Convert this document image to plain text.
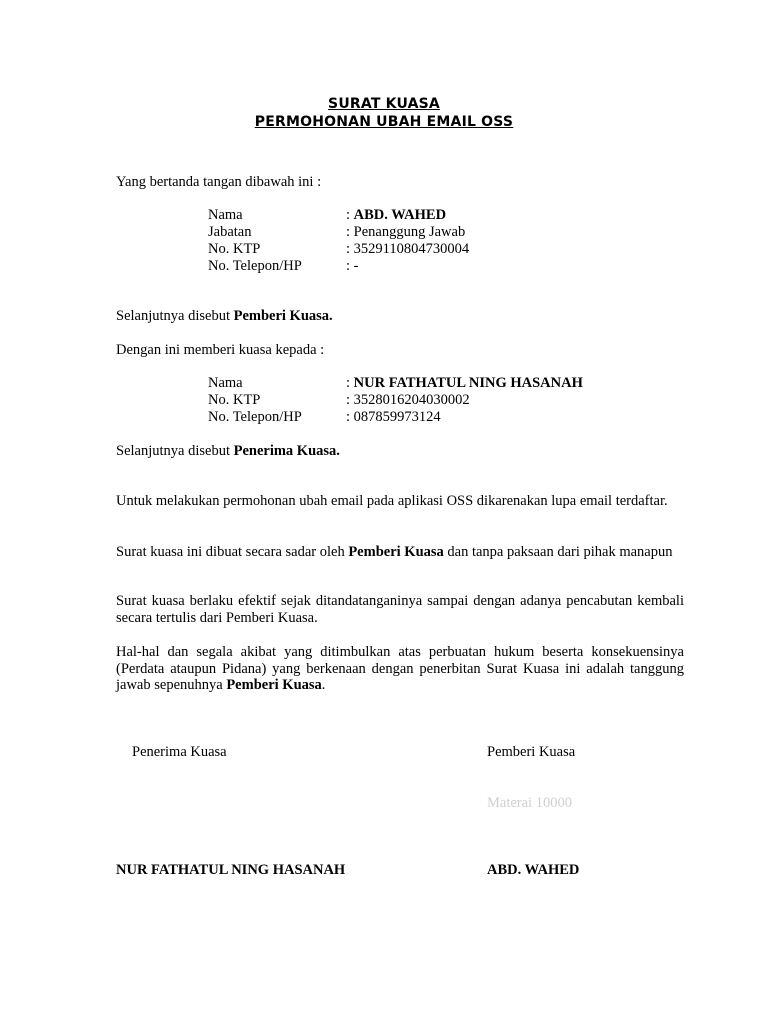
SURAT KUASA
PERMOHONAN UBAH EMAIL OSS
Yang bertanda tangan dibawah ini :
Nama	: ABD. WAHED
Jabatan	: Penanggung Jawab
No. KTP	: 3529110804730004
No. Telepon/HP	: -
Selanjutnya disebut Pemberi Kuasa.
Dengan ini memberi kuasa kepada :
Nama	: NUR FATHATUL NING HASANAH
No. KTP	: 3528016204030002
No. Telepon/HP	: 087859973124
Selanjutnya disebut Penerima Kuasa.
Untuk melakukan permohonan ubah email pada aplikasi OSS dikarenakan lupa email terdaftar.
Surat kuasa ini dibuat secara sadar oleh Pemberi Kuasa dan tanpa paksaan dari pihak manapun
Surat kuasa berlaku efektif sejak ditandatanganinya sampai dengan adanya pencabutan kembali secara tertulis dari Pemberi Kuasa.
Hal-hal dan segala akibat yang ditimbulkan atas perbuatan hukum beserta konsekuensinya (Perdata ataupun Pidana) yang berkenaan dengan penerbitan Surat Kuasa ini adalah tanggung jawab sepenuhnya Pemberi Kuasa.
Penerima Kuasa	Pemberi Kuasa
Materai 10000
NUR FATHATUL NING HASANAH	ABD. WAHED
